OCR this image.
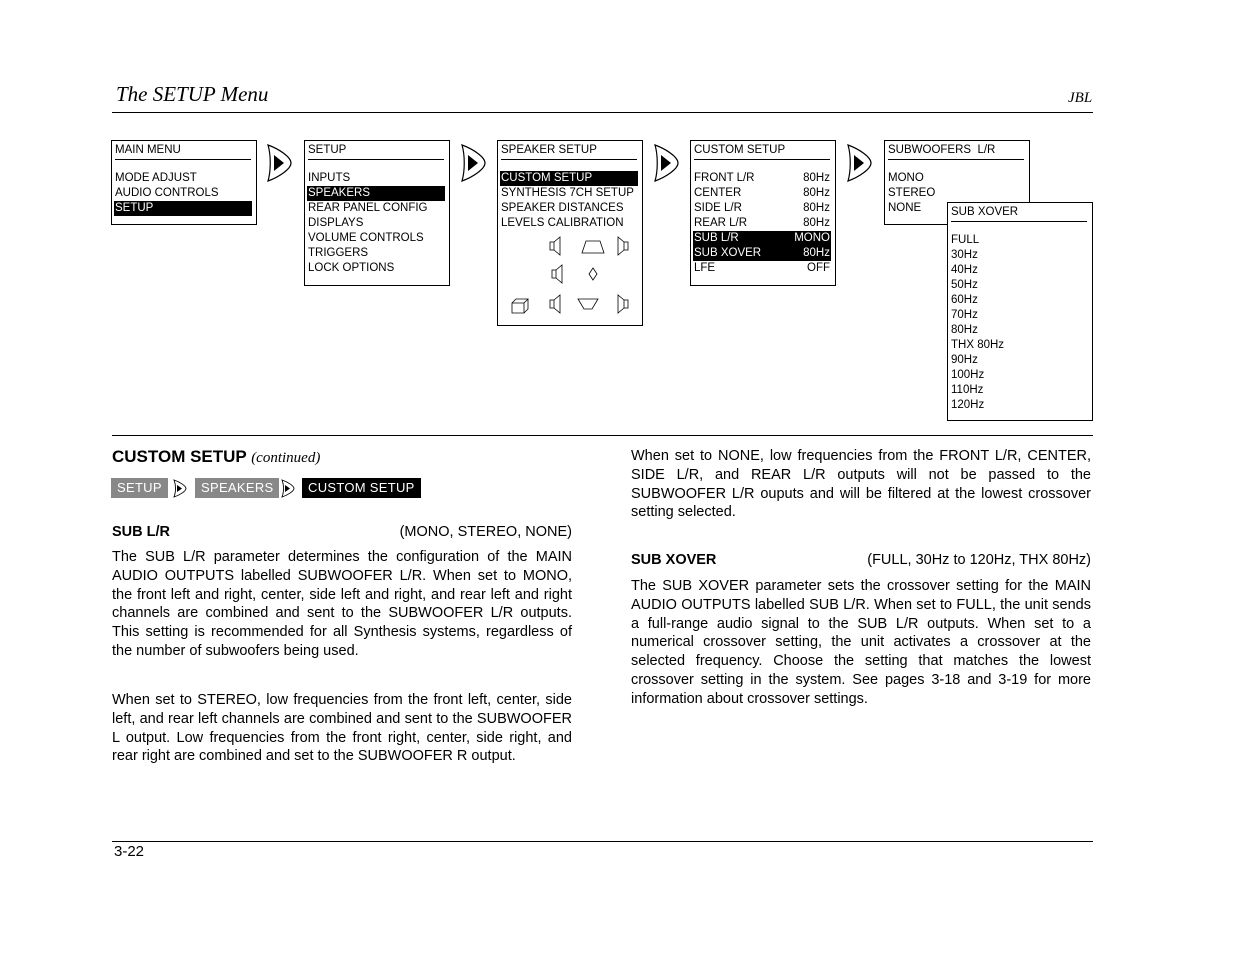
The SETUP Menu	JBL
MAIN MENU
MODE ADJUST
AUDIO CONTROLS
SETUP
SETUP
INPUTS
SPEAKERS
REAR PANEL CONFIG
DISPLAYS
VOLUME CONTROLS
TRIGGERS
LOCK OPTIONS
SPEAKER SETUP
CUSTOM SETUP
SYNTHESIS 7CH SETUP
SPEAKER DISTANCES
LEVELS CALIBRATION
CUSTOM SETUP
FRONT L/R	80Hz
CENTER	80Hz
SIDE L/R	80Hz
REAR L/R	80Hz
SUB L/R	MONO
SUB XOVER	80Hz
LFE	OFF
SUBWOOFERS  L/R
MONO
STEREO
NONE	SUB XOVER
FULL
30Hz
40Hz
50Hz
60Hz
70Hz
80Hz
THX 80Hz
90Hz
100Hz
110Hz
120Hz
CUSTOM SETUP (continued)
SETUP	SPEAKERS	CUSTOM SETUP
SUB L/R	(MONO, STEREO, NONE)

The SUB L/R parameter determines the configuration of the MAIN AUDIO OUTPUTS labelled SUBWOOFER L/R. When set to MONO, the front left and right, center, side left and right, and rear left and right channels are combined and sent to the SUBWOOFER L/R outputs. This setting is recommended for all Synthesis systems, regardless of the number of subwoofers being used.

When set to STEREO, low frequencies from the front left, center, side left, and rear left channels are combined and sent to the SUBWOOFER L output. Low frequencies from the front right, center, side right, and rear right are combined and set to the SUBWOOFER R output.

When set to NONE, low frequencies from the FRONT L/R, CENTER, SIDE L/R, and REAR L/R outputs will not be passed to the SUBWOOFER L/R ouputs and will be filtered at the lowest crossover setting selected.

SUB XOVER	(FULL, 30Hz to 120Hz, THX 80Hz)

The SUB XOVER parameter sets the crossover setting for the MAIN AUDIO OUTPUTS labelled SUB L/R. When set to FULL, the unit sends a full-range audio signal to the SUB L/R outputs. When set to a numerical crossover setting, the unit activates a crossover at the selected frequency. Choose the setting that matches the lowest crossover setting in the system. See pages 3-18 and 3-19 for more information about crossover settings.

3-22
